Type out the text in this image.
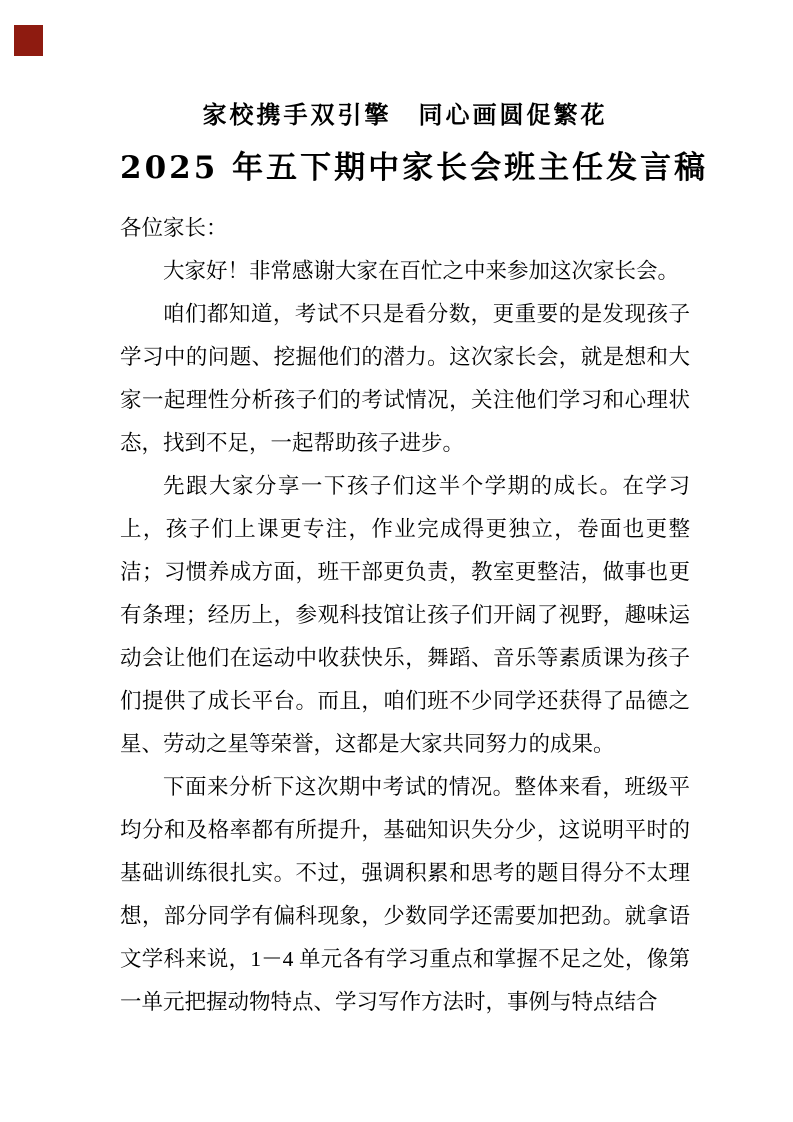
家校携手双引擎　同心画圆促繁花
2025 年五下期中家长会班主任发言稿

各位家长：

大家好！非常感谢大家在百忙之中来参加这次家长会。

咱们都知道，考试不只是看分数，更重要的是发现孩子学习中的问题、挖掘他们的潜力。这次家长会，就是想和大家一起理性分析孩子们的考试情况，关注他们学习和心理状态，找到不足，一起帮助孩子进步。

先跟大家分享一下孩子们这半个学期的成长。在学习上，孩子们上课更专注，作业完成得更独立，卷面也更整洁；习惯养成方面，班干部更负责，教室更整洁，做事也更有条理；经历上，参观科技馆让孩子们开阔了视野，趣味运动会让他们在运动中收获快乐，舞蹈、音乐等素质课为孩子们提供了成长平台。而且，咱们班不少同学还获得了品德之星、劳动之星等荣誉，这都是大家共同努力的成果。

下面来分析下这次期中考试的情况。整体来看，班级平均分和及格率都有所提升，基础知识失分少，这说明平时的基础训练很扎实。不过，强调积累和思考的题目得分不太理想，部分同学有偏科现象，少数同学还需要加把劲。就拿语文学科来说，1－4 单元各有学习重点和掌握不足之处，像第一单元把握动物特点、学习写作方法时，事例与特点结合
